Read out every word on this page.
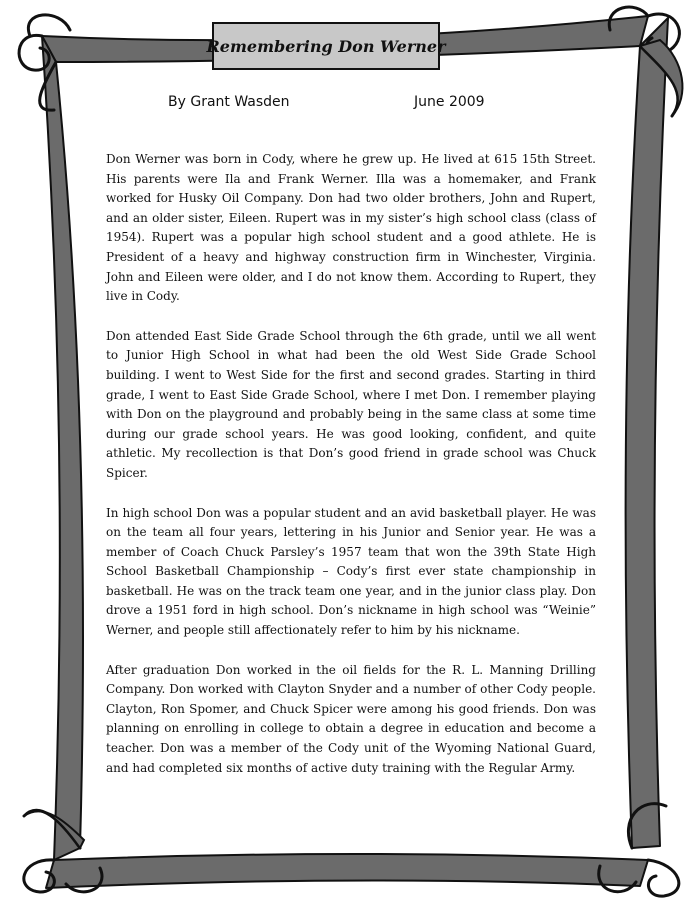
Remembering Don Werner
By Grant Wasden	June 2009

Don Werner was born in Cody, where he grew up. He lived at 615 15th Street. His parents were Ila and Frank Werner. Illa was a homemaker, and Frank worked for Husky Oil Company. Don had two older brothers, John and Rupert, and an older sister, Eileen. Rupert was in my sister’s high school class (class of 1954). Rupert was a popular high school student and a good athlete. He is President of a heavy and highway construction firm in Winchester, Virginia. John and Eileen were older, and I do not know them. According to Rupert, they live in Cody.

Don attended East Side Grade School through the 6th grade, until we all went to Junior High School in what had been the old West Side Grade School building. I went to West Side for the first and second grades. Starting in third grade, I went to East Side Grade School, where I met Don. I remember playing with Don on the playground and probably being in the same class at some time during our grade school years. He was good looking, confident, and quite athletic. My recollection is that Don’s good friend in grade school was Chuck Spicer.

In high school Don was a popular student and an avid basketball player. He was on the team all four years, lettering in his Junior and Senior year. He was a member of Coach Chuck Parsley’s 1957 team that won the 39th State High School Basketball Championship – Cody’s first ever state championship in basketball. He was on the track team one year, and in the junior class play. Don drove a 1951 ford in high school. Don’s nickname in high school was “Weinie” Werner, and people still affectionately refer to him by his nickname.

After graduation Don worked in the oil fields for the R. L. Manning Drilling Company. Don worked with Clayton Snyder and a number of other Cody people. Clayton, Ron Spomer, and Chuck Spicer were among his good friends. Don was planning on enrolling in college to obtain a degree in education and become a teacher. Don was a member of the Cody unit of the Wyoming National Guard, and had completed six months of active duty training with the Regular Army.
